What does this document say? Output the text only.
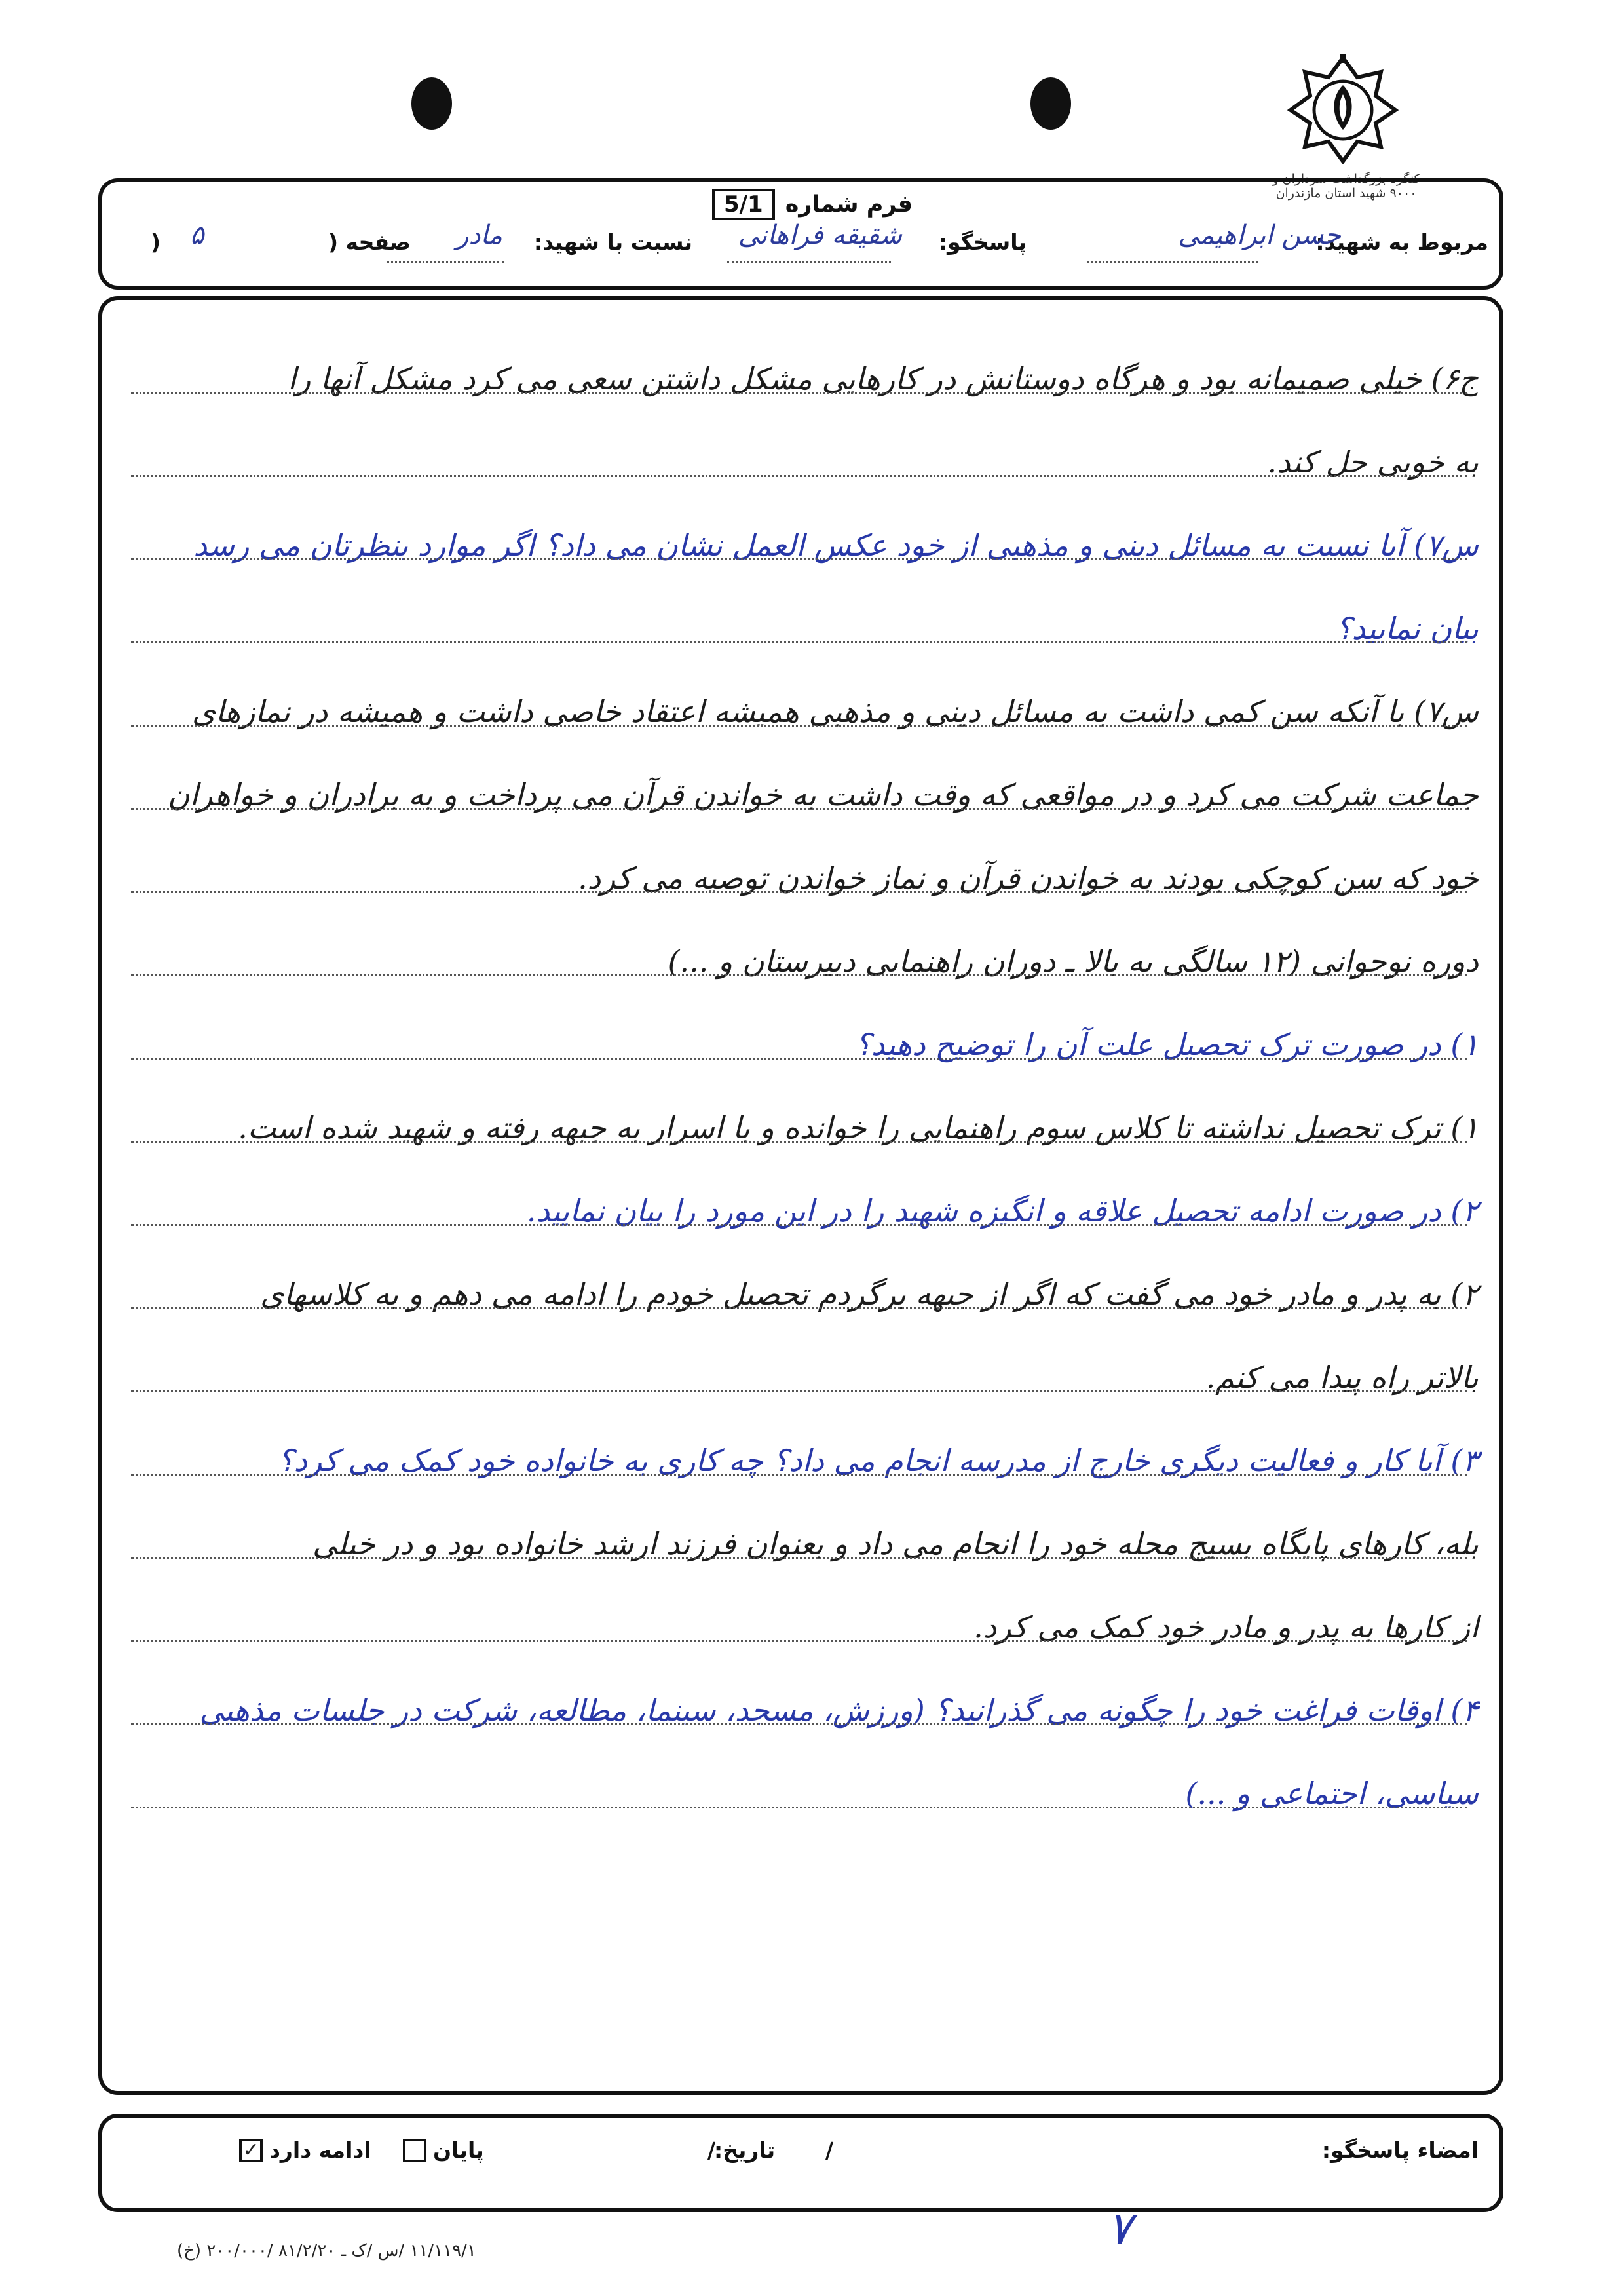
کنگره بزرگداشت سرداران و ۹۰۰۰ شهید استان مازندران
فرم شماره
5/1
مربوط به شهید:
حسن ابراهیمی
پاسخگو:
شقیقه فراهانی
نسبت با شهید:
مادر
صفحه (
۵
)
ج۶) خیلی صمیمانه بود و هرگاه دوستانش در کارهایی مشکل داشتن سعی می کرد مشکل آنها را
به خوبی حل کند.
س۷) آیا نسبت به مسائل دینی و مذهبی از خود عکس العمل نشان می داد؟ اگر موارد بنظرتان می رسد
بیان نمایید؟
س۷) با آنکه سن کمی داشت به مسائل دینی و مذهبی همیشه اعتقاد خاصی داشت و همیشه در نمازهای
جماعت شرکت می کرد و در مواقعی که وقت داشت به خواندن قرآن می پرداخت و به برادران و خواهران
خود که سن کوچکی بودند به خواندن قرآن و نماز خواندن توصیه می کرد.
دوره نوجوانی (۱۲ سالگی به بالا ـ دوران راهنمایی دبیرستان و ...)
۱) در صورت ترک تحصیل علت آن را توضیح دهید؟
۱) ترک تحصیل نداشته تا کلاس سوم راهنمایی را خوانده و با اسرار به جبهه رفته و شهید شده است.
۲) در صورت ادامه تحصیل علاقه و انگیزه شهید را در این مورد را بیان نمایید.
۲) به پدر و مادر خود می گفت که اگر از جبهه برگردم تحصیل خودم را ادامه می دهم و به کلاسهای
بالاتر راه پیدا می کنم.
۳) آیا کار و فعالیت دیگری خارج از مدرسه انجام می داد؟ چه کاری به خانواده خود کمک می کرد؟
بله، کارهای پایگاه بسیج محله خود را انجام می داد و بعنوان فرزند ارشد خانواده بود و در خیلی
از کارها به پدر و مادر خود کمک می کرد.
۴) اوقات فراغت خود را چگونه می گذرانید؟ (ورزش، مسجد، سینما، مطالعه، شرکت در جلسات مذهبی
سیاسی، اجتماعی و ...)
امضاء پاسخگو:
تاریخ: /
/
پایان
ادامه دارد
✓
۱۱/۱۱۹/۱ /س /ک ـ ۸۱/۲/۲۰ /۲۰۰/۰۰۰ (خ)	۷
